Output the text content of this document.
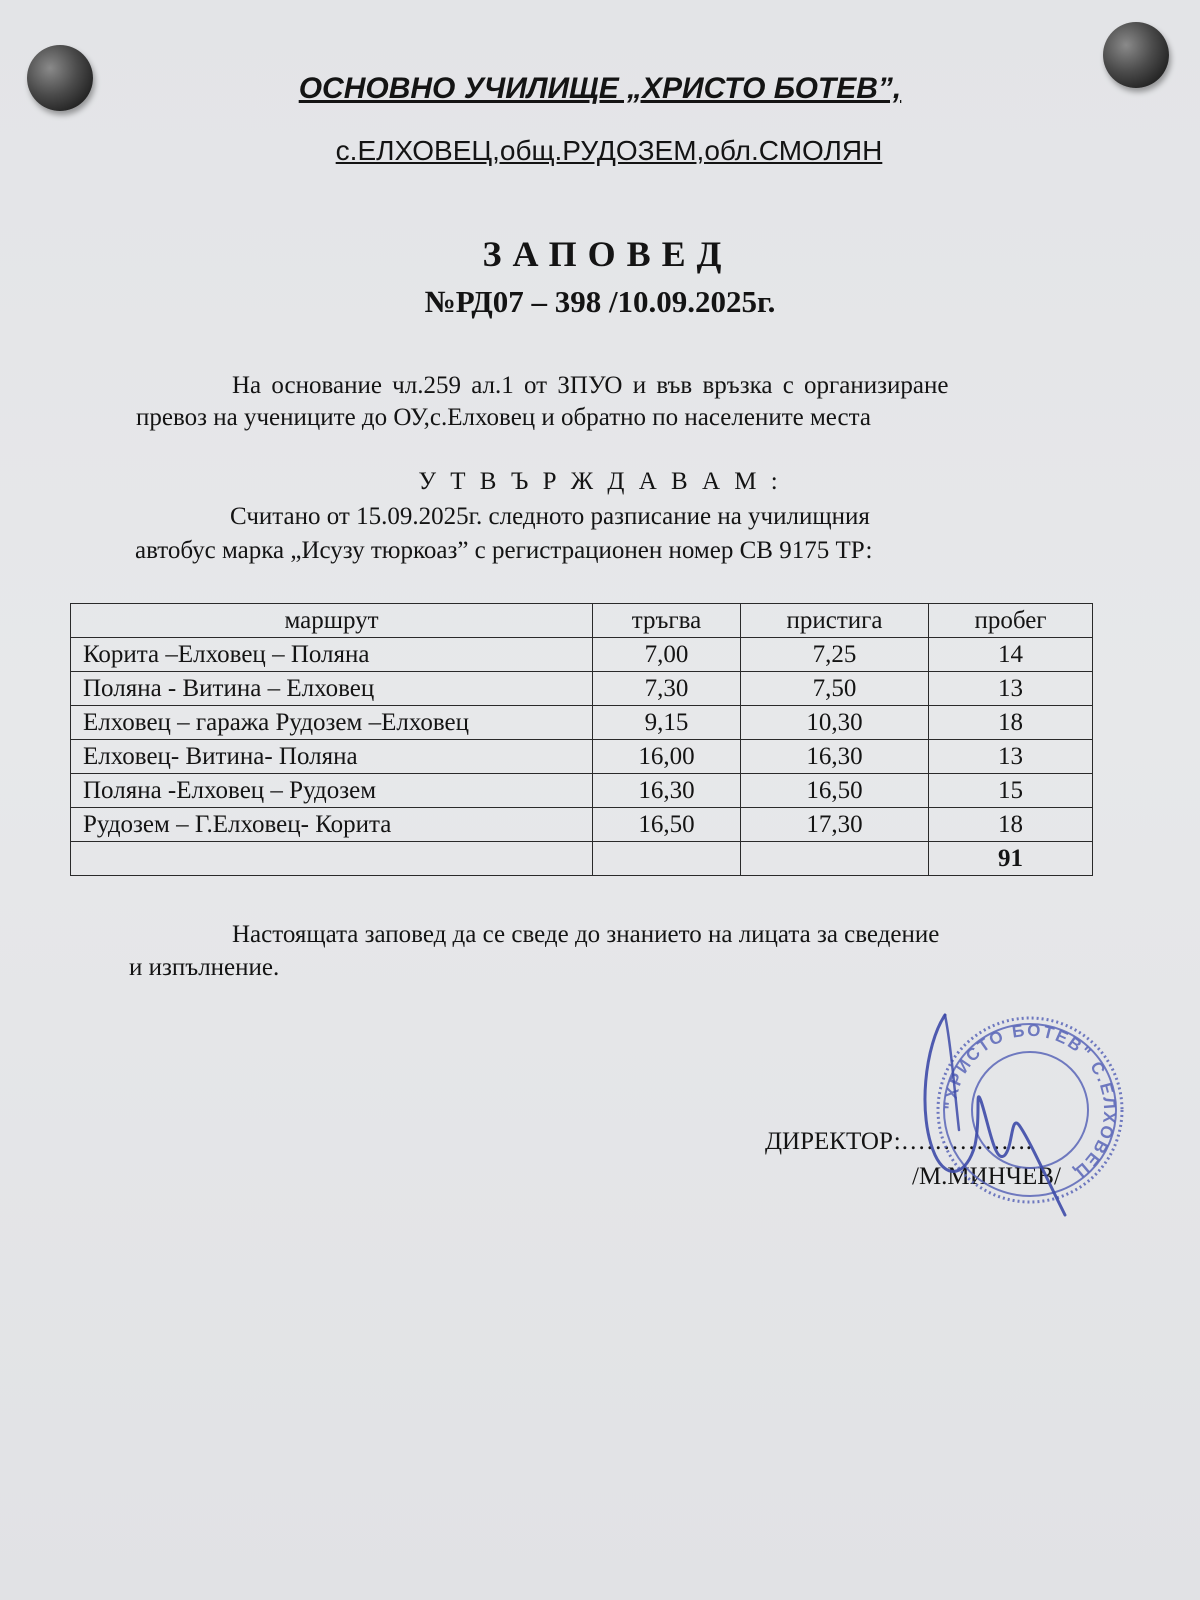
ОСНОВНО УЧИЛИЩЕ „ХРИСТО БОТЕВ”,
с.ЕЛХОВЕЦ,общ.РУДОЗЕМ,обл.СМОЛЯН
ЗАПОВЕД
№РД07 – 398 /10.09.2025г.
На основание чл.259 ал.1 от ЗПУО и във връзка с организиране
превоз на учениците до ОУ,с.Елховец и обратно по населените места
У Т В Ъ Р Ж Д А В А М :
Считано от 15.09.2025г. следното разписание на училищния
автобус марка „Исузу тюркоаз” с регистрационен номер СВ 9175 ТР:
маршрут	тръгва	пристига	пробег
Корита –Елховец – Поляна	7,00	7,25	14
Поляна - Витина – Елховец	7,30	7,50	13
Елховец – гаража Рудозем –Елховец	9,15	10,30	18
Елховец- Витина- Поляна	16,00	16,30	13
Поляна -Елховец – Рудозем	16,30	16,50	15
Рудозем – Г.Елховец- Корита	16,50	17,30	18
			91
Настоящата заповед да се сведе до знанието на лицата за сведение
и изпълнение.
ДИРЕКТОР:…………….
/М.МИНЧЕВ/
"ХРИСТО БОТЕВ" С.ЕЛХОВЕЦ
